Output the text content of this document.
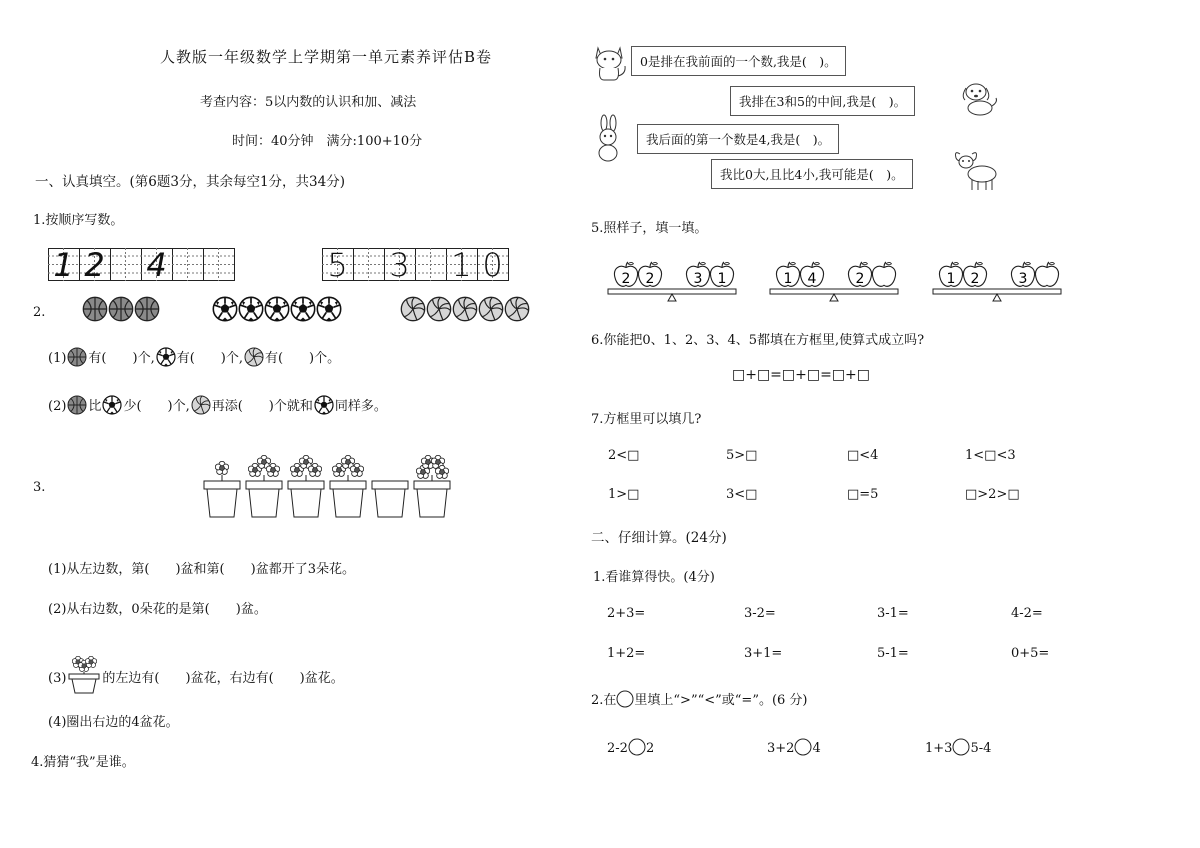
人教版一年级数学上学期第一单元素养评估B卷
考查内容：5以内数的认识和加、减法
时间：40分钟　满分:100+10分
一、认真填空。(第6题3分，其余每空1分，共34分)
1.按顺序写数。
1 2 4	5 3 1 0
2.
(1) 有(　　)个, 有(　　)个, 有(　　)个。
(2) 比 少(　　)个, 再添(　　)个就和 同样多。
3.
(1)从左边数，第(　　)盆和第(　　)盆都开了3朵花。
(2)从右边数，0朵花的是第(　　)盆。
(3)	的左边有(　　)盆花，右边有(　　)盆花。
(4)圈出右边的4盆花。
4.猜猜“我”是谁。
0是排在我前面的一个数,我是(　)。
我排在3和5的中间,我是(　)。
我后面的第一个数是4,我是(　)。
我比0大,且比4小,我可能是(　)。
5.照样子，填一填。
2 2	3 1	1 4	2	1 2	3
6.你能把0、1、2、3、4、5都填在方框里,使算式成立吗?
□+□=□+□=□+□
7.方框里可以填几?
2<□	5>□	□<4	1<□<3
1>□	3<□	□=5	□>2>□
二、仔细计算。(24分)
1.看谁算得快。(4分)
2+3=	3-2=	3-1=	4-2=
1+2=	3+1=	5-1=	0+5=
2.在 里填上“>”“<”或“=”。(6 分)
2-2 2	3+2 4	1+3 5-4
